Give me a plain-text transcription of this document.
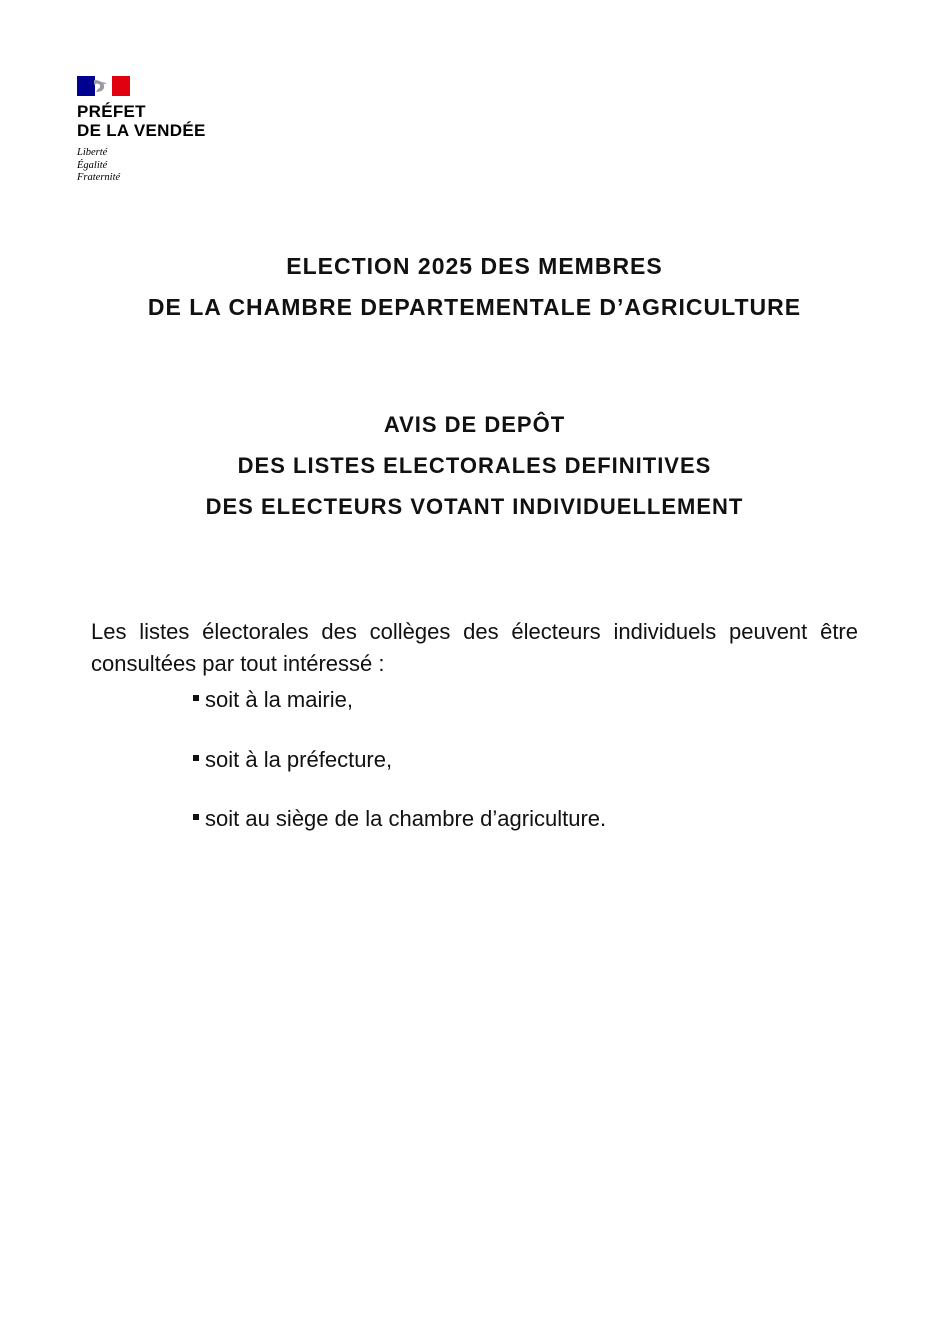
PRÉFET
DE LA VENDÉE
Liberté
Égalité
Fraternité
ELECTION 2025 DES MEMBRES
DE LA CHAMBRE DEPARTEMENTALE D’AGRICULTURE
AVIS DE DEPÔT
DES LISTES ELECTORALES DEFINITIVES
DES ELECTEURS VOTANT INDIVIDUELLEMENT

Les listes électorales des collèges des électeurs individuels peuvent être consultées par tout intéressé :

soit à la mairie,
soit à la préfecture,
soit au siège de la chambre d’agriculture.
